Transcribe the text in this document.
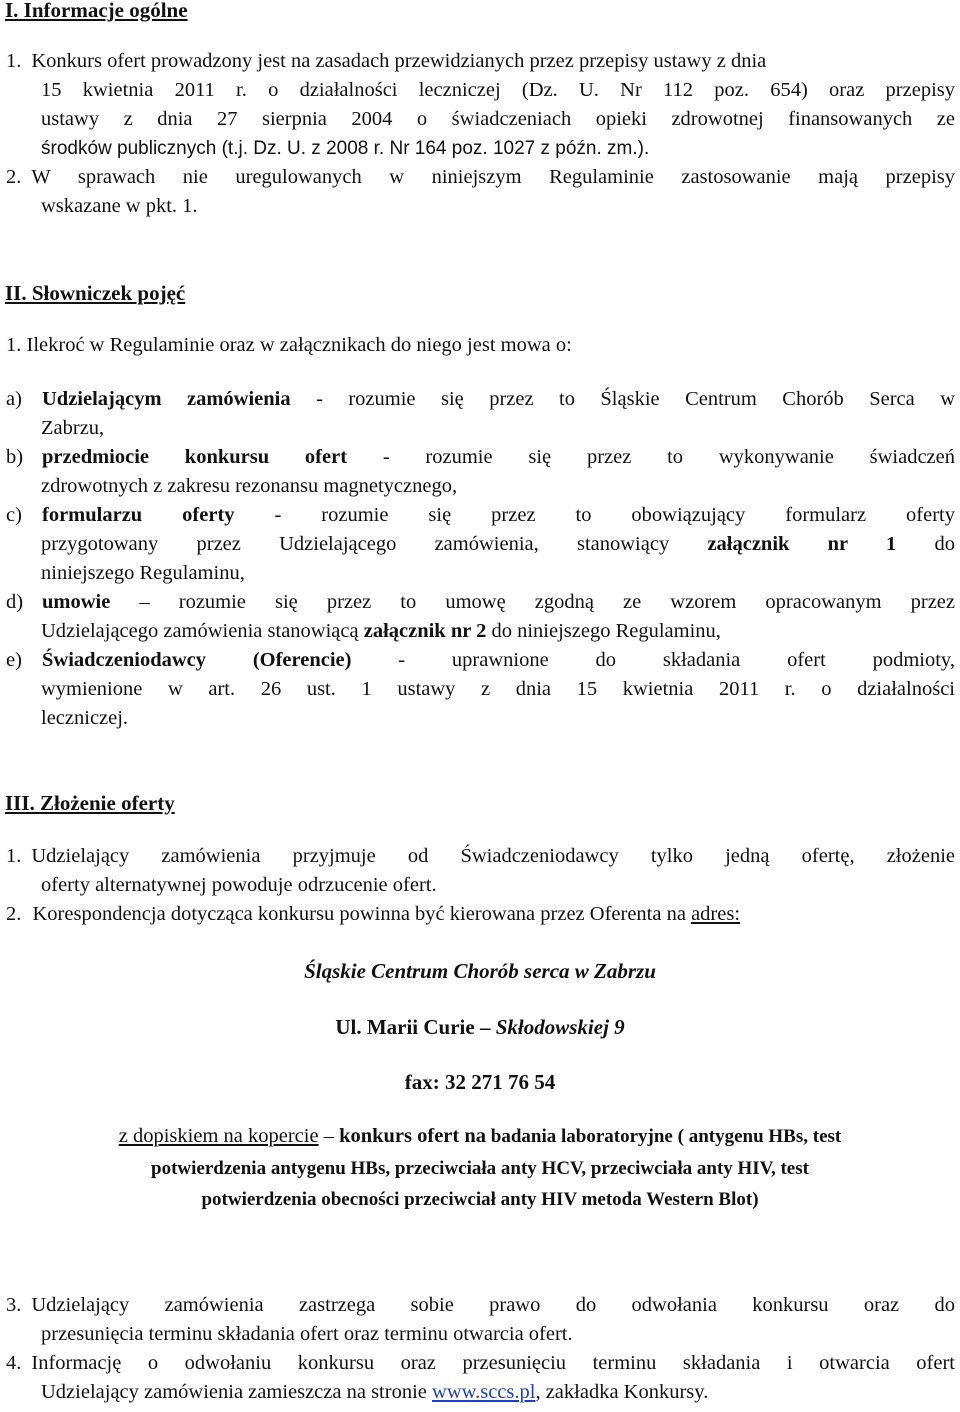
I. Informacje ogólne
1. Konkurs ofert prowadzony jest na zasadach przewidzianych przez przepisy ustawy z dnia
15 kwietnia 2011 r. o działalności leczniczej (Dz. U. Nr 112 poz. 654) oraz przepisy
ustawy z dnia 27 sierpnia 2004 o świadczeniach opieki zdrowotnej finansowanych ze
środków publicznych (t.j. Dz. U. z 2008 r. Nr 164 poz. 1027 z późn. zm.).
2. W sprawach nie uregulowanych w niniejszym Regulaminie zastosowanie mają przepisy
wskazane w pkt. 1.
II. Słowniczek pojęć
1. Ilekroć w Regulaminie oraz w załącznikach do niego jest mowa o:
a) Udzielającym zamówienia - rozumie się przez to Śląskie Centrum Chorób Serca w
Zabrzu,
b) przedmiocie konkursu ofert - rozumie się przez to wykonywanie świadczeń
zdrowotnych z zakresu rezonansu magnetycznego,
c) formularzu oferty - rozumie się przez to obowiązujący formularz oferty
przygotowany przez Udzielającego zamówienia, stanowiący załącznik nr 1 do
niniejszego Regulaminu,
d) umowie – rozumie się przez to umowę zgodną ze wzorem opracowanym przez
Udzielającego zamówienia stanowiącą załącznik nr 2 do niniejszego Regulaminu,
e) Świadczeniodawcy (Oferencie) - uprawnione do składania ofert podmioty,
wymienione w art. 26 ust. 1 ustawy z dnia 15 kwietnia 2011 r. o działalności
leczniczej.
III. Złożenie oferty
1. Udzielający zamówienia przyjmuje od Świadczeniodawcy tylko jedną ofertę, złożenie
oferty alternatywnej powoduje odrzucenie ofert.
2. Korespondencja dotycząca konkursu powinna być kierowana przez Oferenta na adres:
Śląskie Centrum Chorób serca w Zabrzu
Ul. Marii Curie – Skłodowskiej 9
fax: 32 271 76 54
z dopiskiem na kopercie – konkurs ofert na badania laboratoryjne ( antygenu HBs, test
potwierdzenia antygenu HBs, przeciwciała anty HCV, przeciwciała anty HIV, test
potwierdzenia obecności przeciwciał anty HIV metoda Western Blot)
3. Udzielający zamówienia zastrzega sobie prawo do odwołania konkursu oraz do
przesunięcia terminu składania ofert oraz terminu otwarcia ofert.
4. Informację o odwołaniu konkursu oraz przesunięciu terminu składania i otwarcia ofert
Udzielający zamówienia zamieszcza na stronie www.sccs.pl, zakładka Konkursy.
